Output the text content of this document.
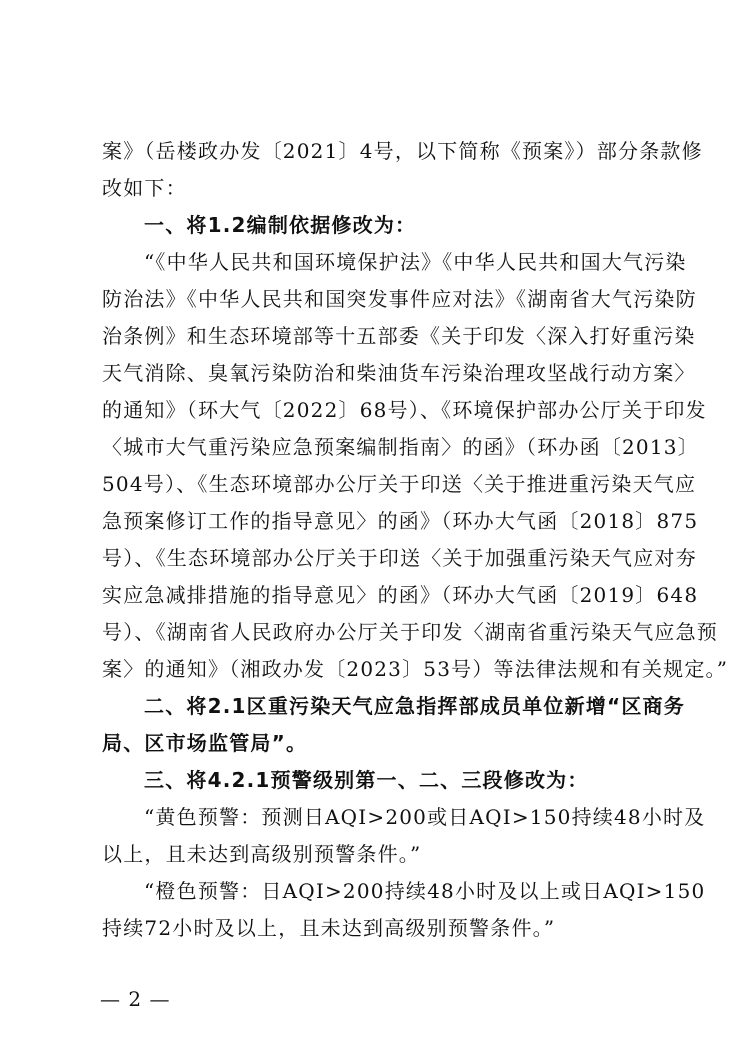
案》（岳楼政办发〔2021〕4号，以下简称《预案》）部分条款修
改如下：
一、将1.2编制依据修改为：
“《中华人民共和国环境保护法》《中华人民共和国大气污染
防治法》《中华人民共和国突发事件应对法》《湖南省大气污染防
治条例》和生态环境部等十五部委《关于印发〈深入打好重污染
天气消除、臭氧污染防治和柴油货车污染治理攻坚战行动方案〉
的通知》（环大气〔2022〕68号）、《环境保护部办公厅关于印发
〈城市大气重污染应急预案编制指南〉的函》（环办函〔2013〕
504号）、《生态环境部办公厅关于印送〈关于推进重污染天气应
急预案修订工作的指导意见〉的函》（环办大气函〔2018〕875
号）、《生态环境部办公厅关于印送〈关于加强重污染天气应对夯
实应急减排措施的指导意见〉的函》（环办大气函〔2019〕648
号）、《湖南省人民政府办公厅关于印发〈湖南省重污染天气应急预
案〉的通知》（湘政办发〔2023〕53号）等法律法规和有关规定。”
二、将2.1区重污染天气应急指挥部成员单位新增“区商务
局、区市场监管局”。
三、将4.2.1预警级别第一、二、三段修改为：
“黄色预警：预测日AQI>200或日AQI>150持续48小时及
以上，且未达到高级别预警条件。”
“橙色预警：日AQI>200持续48小时及以上或日AQI>150
持续72小时及以上，且未达到高级别预警条件。”
— 2 —
